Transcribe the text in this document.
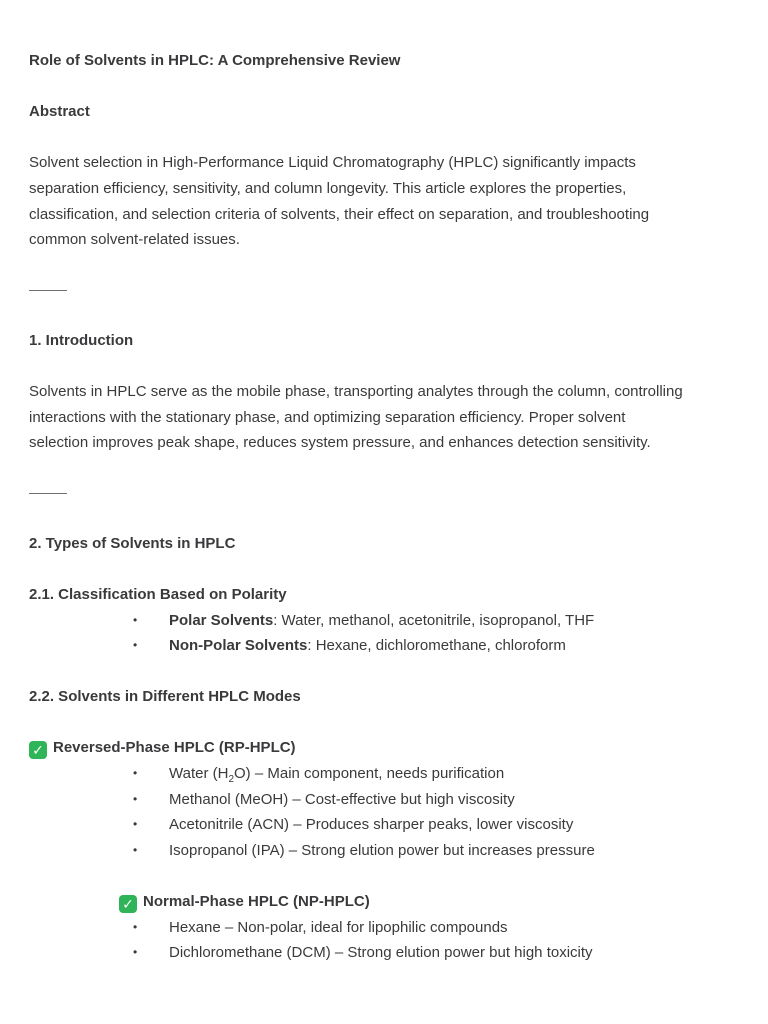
Role of Solvents in HPLC: A Comprehensive Review
Abstract
Solvent selection in High-Performance Liquid Chromatography (HPLC) significantly impacts
separation efficiency, sensitivity, and column longevity. This article explores the properties,
classification, and selection criteria of solvents, their effect on separation, and troubleshooting
common solvent-related issues.
1. Introduction
Solvents in HPLC serve as the mobile phase, transporting analytes through the column, controlling
interactions with the stationary phase, and optimizing separation efficiency. Proper solvent
selection improves peak shape, reduces system pressure, and enhances detection sensitivity.
2. Types of Solvents in HPLC
2.1. Classification Based on Polarity
• Polar Solvents: Water, methanol, acetonitrile, isopropanol, THF
• Non-Polar Solvents: Hexane, dichloromethane, chloroform
2.2. Solvents in Different HPLC Modes
✓ Reversed-Phase HPLC (RP-HPLC)
• Water $(H_2O)$ – Main component, needs purification
• Methanol (MeOH) – Cost-effective but high viscosity
• Acetonitrile (ACN) – Produces sharper peaks, lower viscosity
• Isopropanol (IPA) – Strong elution power but increases pressure
✓ Normal-Phase HPLC (NP-HPLC)
• Hexane – Non-polar, ideal for lipophilic compounds
• Dichloromethane (DCM) – Strong elution power but high toxicity
